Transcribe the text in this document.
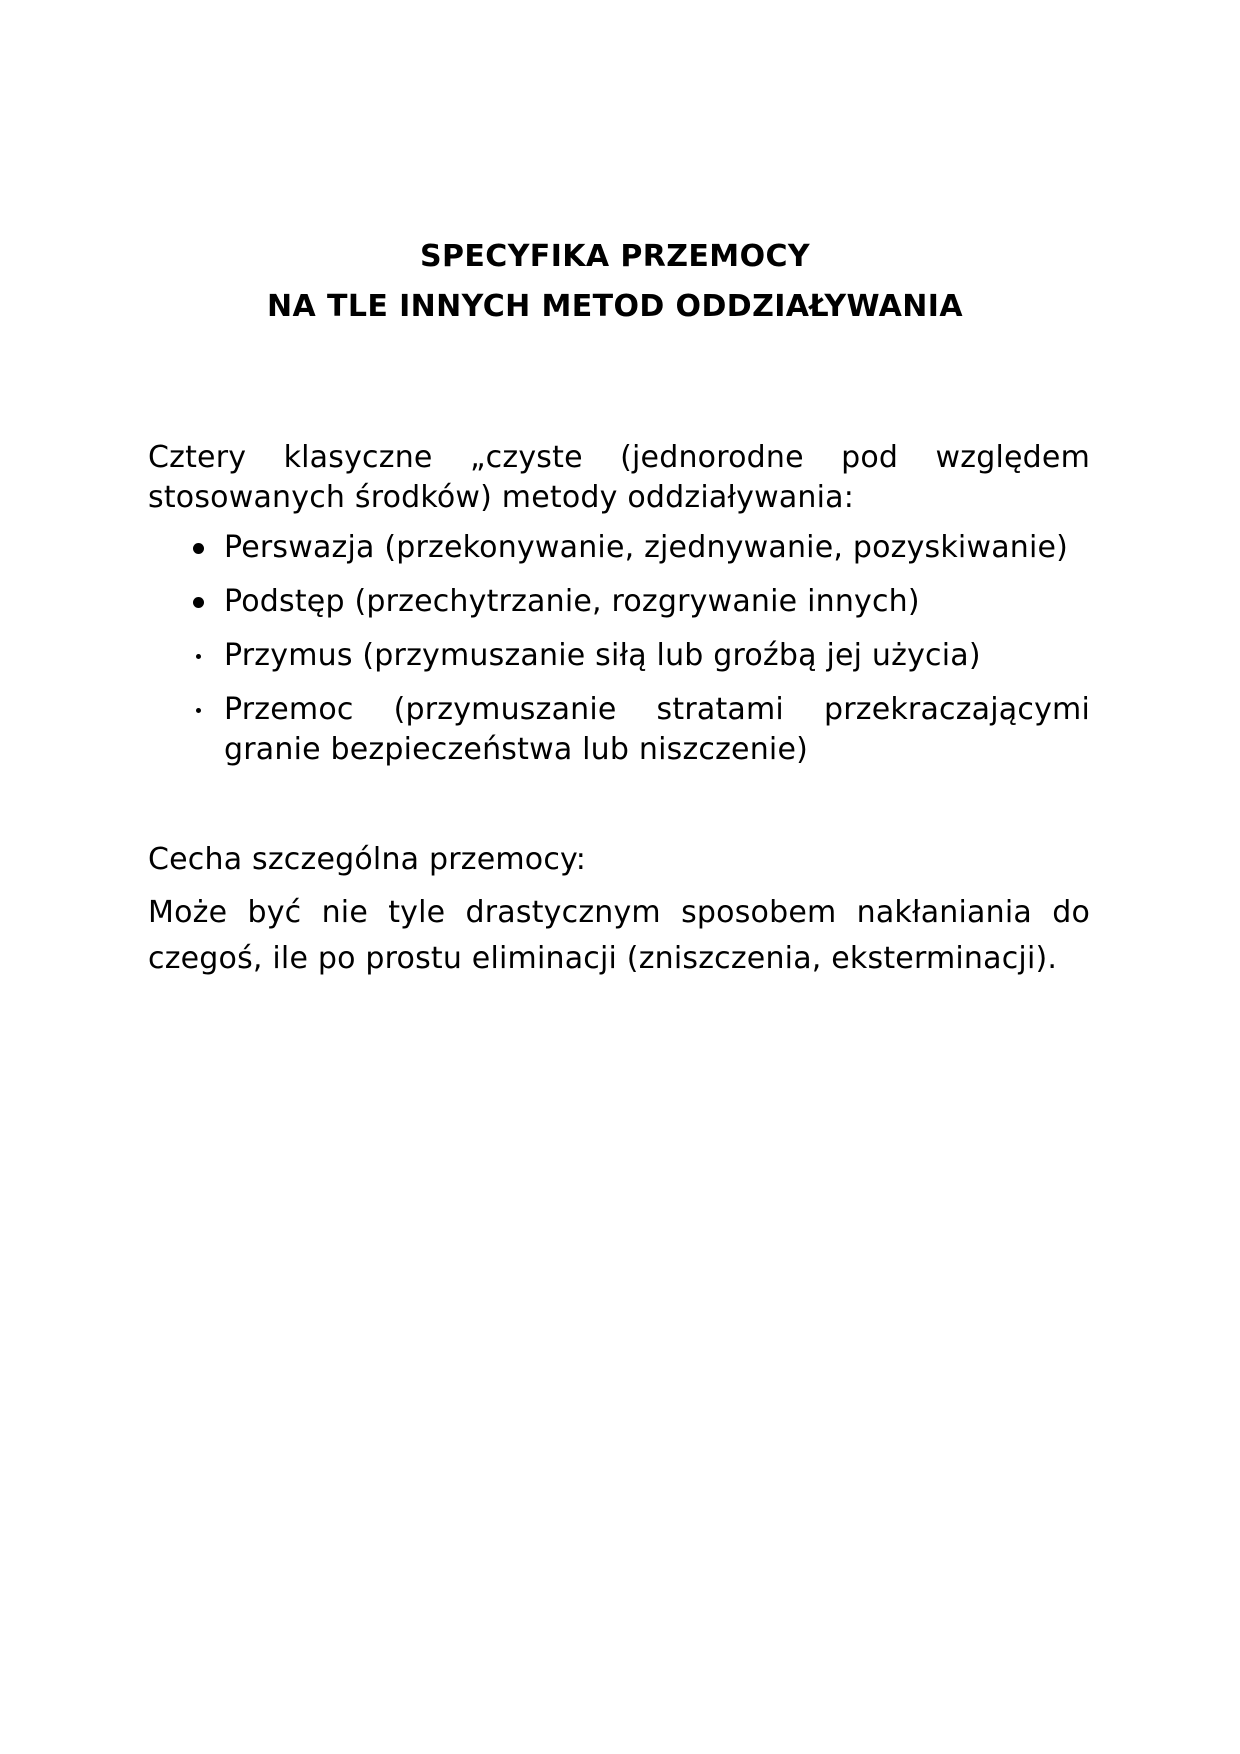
SPECYFIKA PRZEMOCY
NA TLE INNYCH METOD ODDZIAŁYWANIA

Cztery klasyczne „czyste (jednorodne pod względem stosowanych środków) metody oddziaływania:

Perswazja (przekonywanie, zjednywanie, pozyskiwanie)
Podstęp (przechytrzanie, rozgrywanie innych)
Przymus (przymuszanie siłą lub groźbą jej użycia)
Przemoc (przymuszanie stratami przekraczającymi granie bezpieczeństwa lub niszczenie)

Cecha szczególna przemocy:

Może być nie tyle drastycznym sposobem nakłaniania do czegoś, ile po prostu eliminacji (zniszczenia, eksterminacji).
